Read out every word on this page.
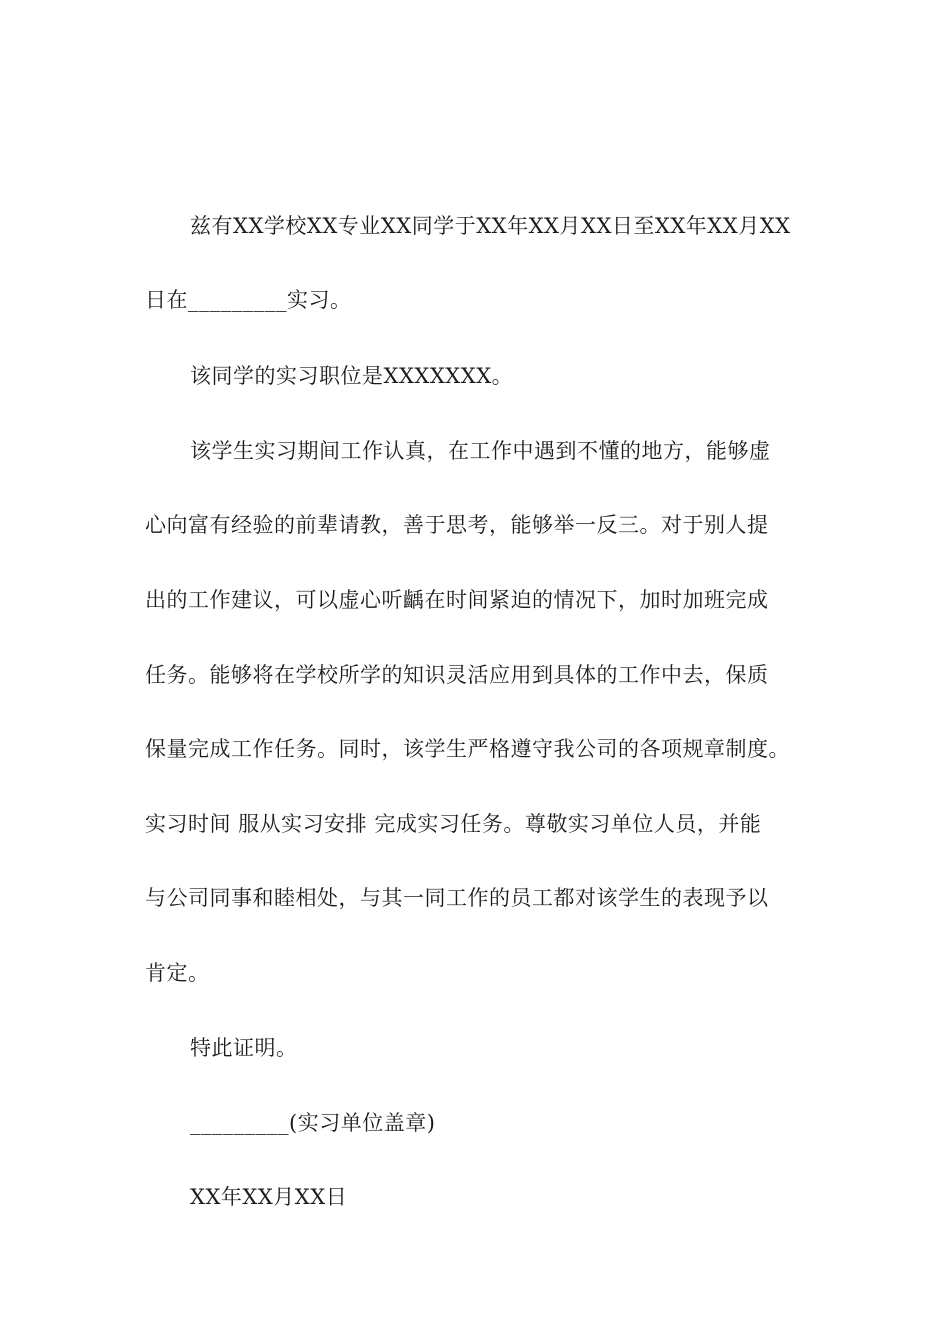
兹有XX学校XX专业XX同学于XX年XX月XX日至XX年XX月XX
日在_________实习。
该同学的实习职位是XXXXXXX。
该学生实习期间工作认真，在工作中遇到不懂的地方，能够虚
心向富有经验的前辈请教，善于思考，能够举一反三。对于别人提
出的工作建议，可以虚心听齲在时间紧迫的情况下，加时加班完成
任务。能够将在学校所学的知识灵活应用到具体的工作中去，保质
保量完成工作任务。同时，该学生严格遵守我公司的各项规章制度。
实习时间 服从实习安排 完成实习任务。尊敬实习单位人员，并能
与公司同事和睦相处，与其一同工作的员工都对该学生的表现予以
肯定。
特此证明。
_________(实习单位盖章)
XX年XX月XX日
